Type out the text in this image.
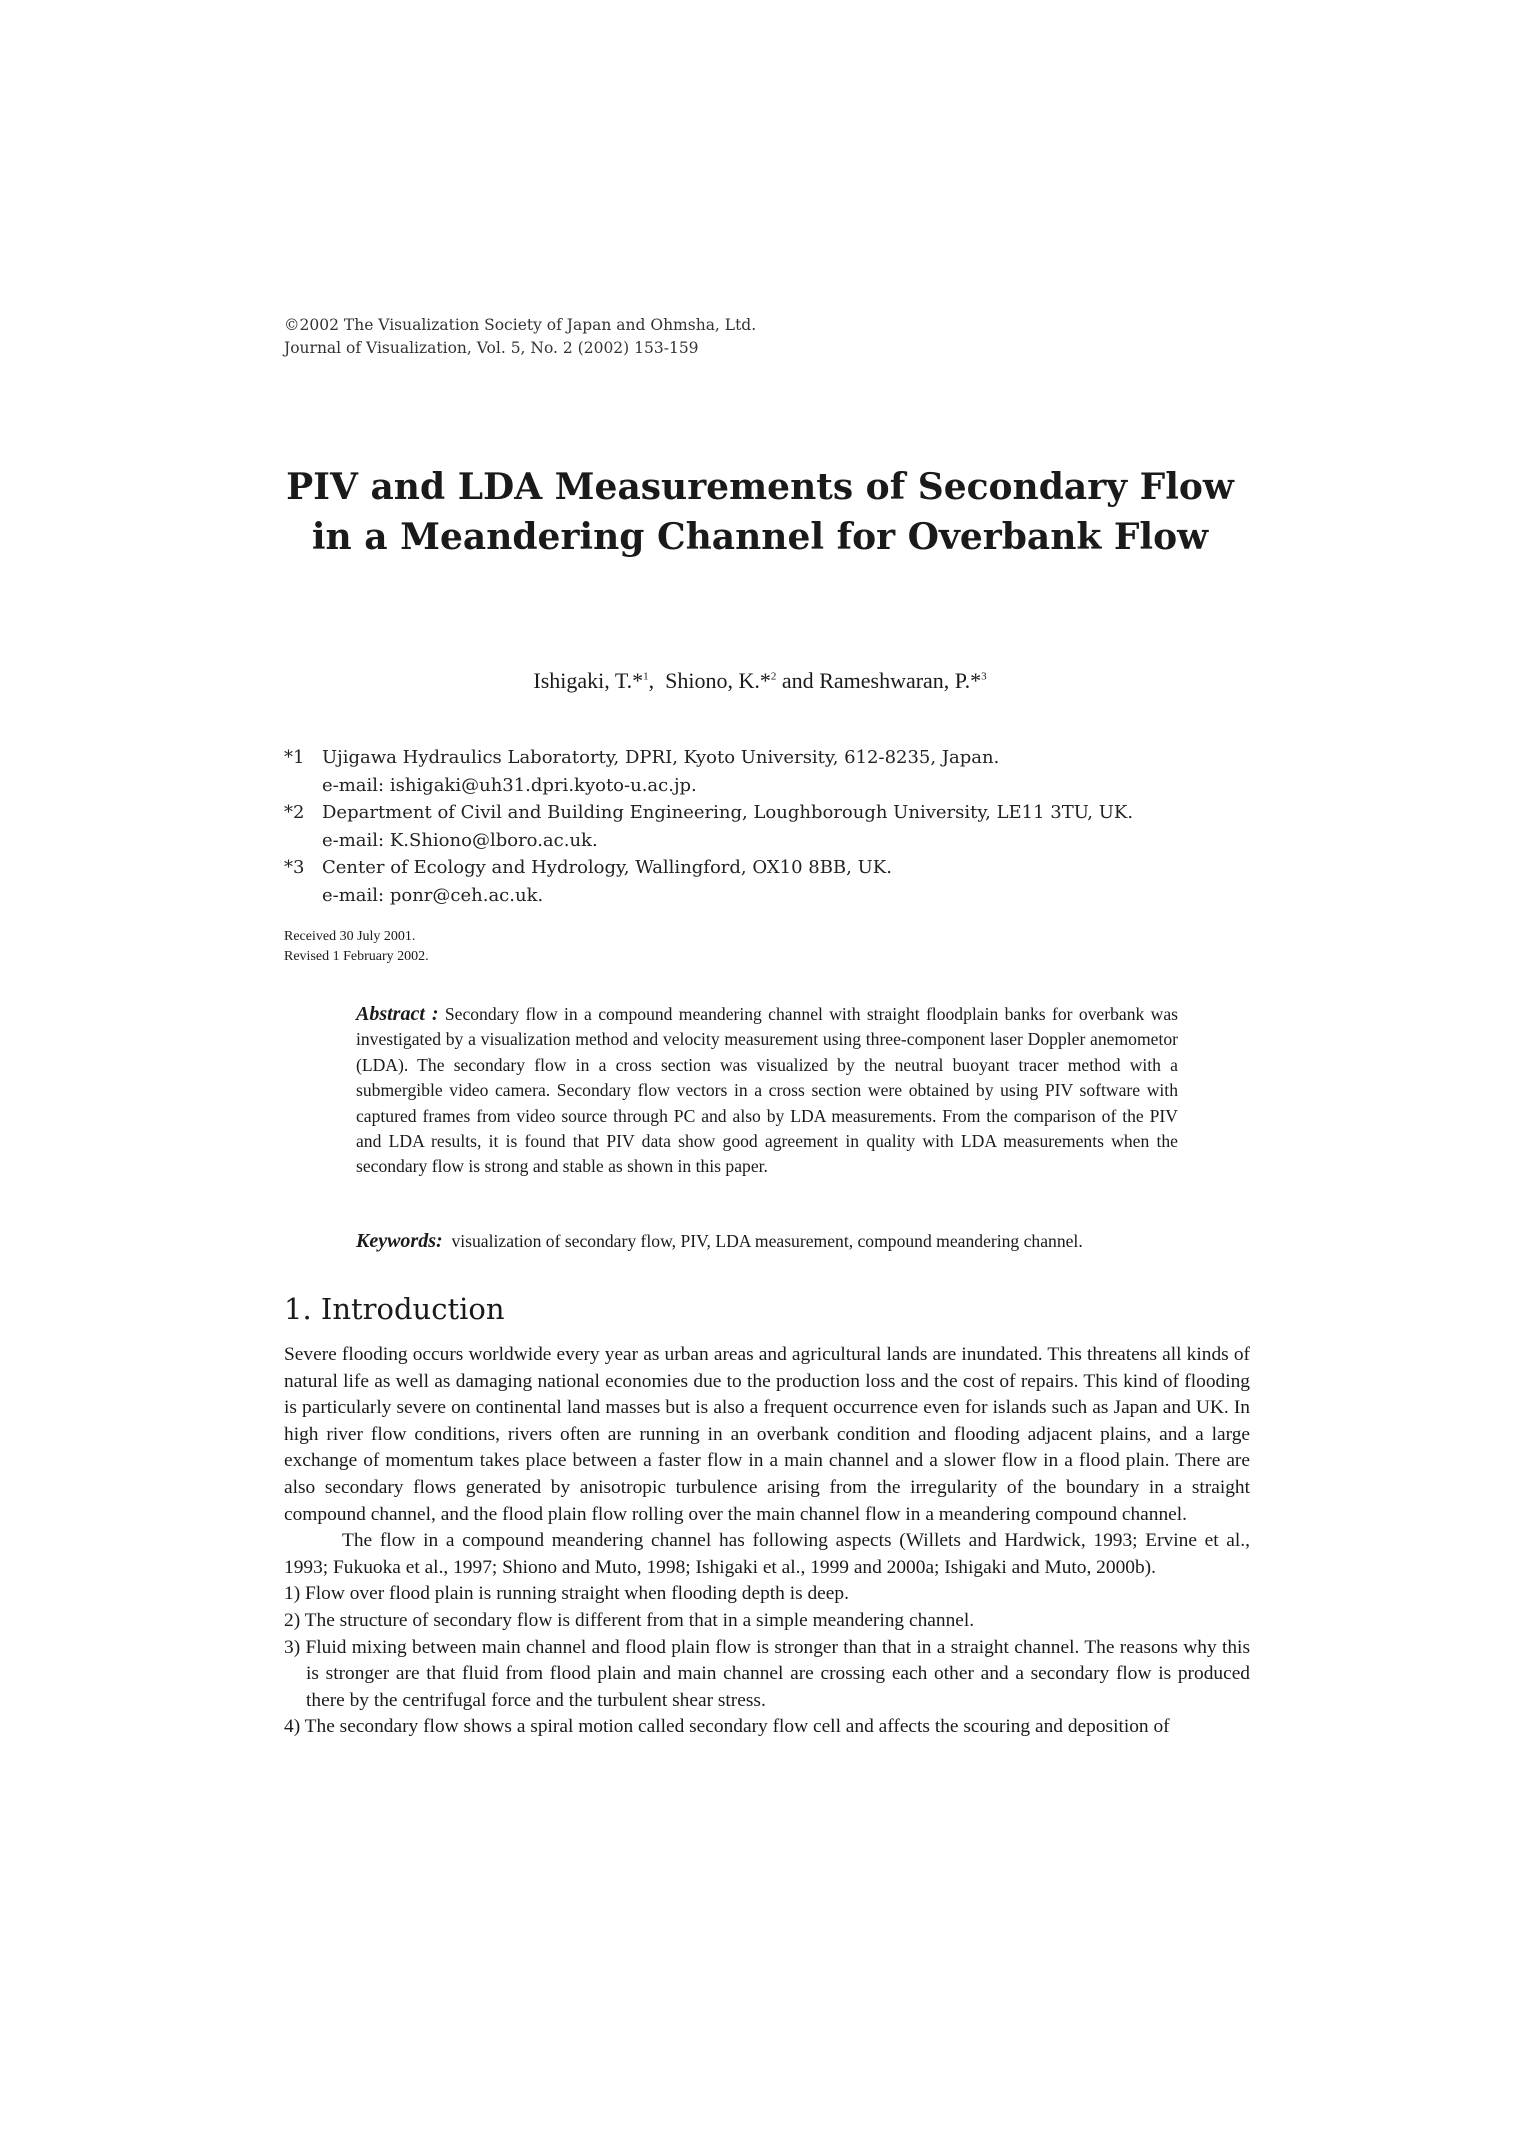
©2002 The Visualization Society of Japan and Ohmsha, Ltd.
Journal of Visualization, Vol. 5, No. 2 (2002) 153-159
PIV and LDA Measurements of Secondary Flow
in a Meandering Channel for Overbank Flow
Ishigaki, T.*$^1$,  Shiono, K.*$^2$ and Rameshwaran, P.*$^3$
*1 Ujigawa Hydraulics Laboratorty, DPRI, Kyoto University, 612-8235, Japan.
e-mail: ishigaki@uh31.dpri.kyoto-u.ac.jp.
*2 Department of Civil and Building Engineering, Loughborough University, LE11 3TU, UK.
e-mail: K.Shiono@lboro.ac.uk.
*3 Center of Ecology and Hydrology, Wallingford, OX10 8BB, UK.
e-mail: ponr@ceh.ac.uk.
Received 30 July 2001.
Revised 1 February 2002.
Abstract : Secondary flow in a compound meandering channel with straight floodplain banks for overbank was investigated by a visualization method and velocity measurement using three-component laser Doppler anemometor (LDA). The secondary flow in a cross section was visualized by the neutral buoyant tracer method with a submergible video camera. Secondary flow vectors in a cross section were obtained by using PIV software with captured frames from video source through PC and also by LDA measurements. From the comparison of the PIV and LDA results, it is found that PIV data show good agreement in quality with LDA measurements when the secondary flow is strong and stable as shown in this paper.
Keywords: visualization of secondary flow, PIV, LDA measurement, compound meandering channel.
1. Introduction

Severe flooding occurs worldwide every year as urban areas and agricultural lands are inundated. This threatens all kinds of natural life as well as damaging national economies due to the production loss and the cost of repairs. This kind of flooding is particularly severe on continental land masses but is also a frequent occurrence even for islands such as Japan and UK. In high river flow conditions, rivers often are running in an overbank condition and flooding adjacent plains, and a large exchange of momentum takes place between a faster flow in a main channel and a slower flow in a flood plain. There are also secondary flows generated by anisotropic turbulence arising from the irregularity of the boundary in a straight compound channel, and the flood plain flow rolling over the main channel flow in a meandering compound channel.

The flow in a compound meandering channel has following aspects (Willets and Hardwick, 1993; Ervine et al., 1993; Fukuoka et al., 1997; Shiono and Muto, 1998; Ishigaki et al., 1999 and 2000a; Ishigaki and Muto, 2000b).

1) Flow over flood plain is running straight when flooding depth is deep.

2) The structure of secondary flow is different from that in a simple meandering channel.

3) Fluid mixing between main channel and flood plain flow is stronger than that in a straight channel. The reasons why this is stronger are that fluid from flood plain and main channel are crossing each other and a secondary flow is produced there by the centrifugal force and the turbulent shear stress.

4) The secondary flow shows a spiral motion called secondary flow cell and affects the scouring and deposition of
